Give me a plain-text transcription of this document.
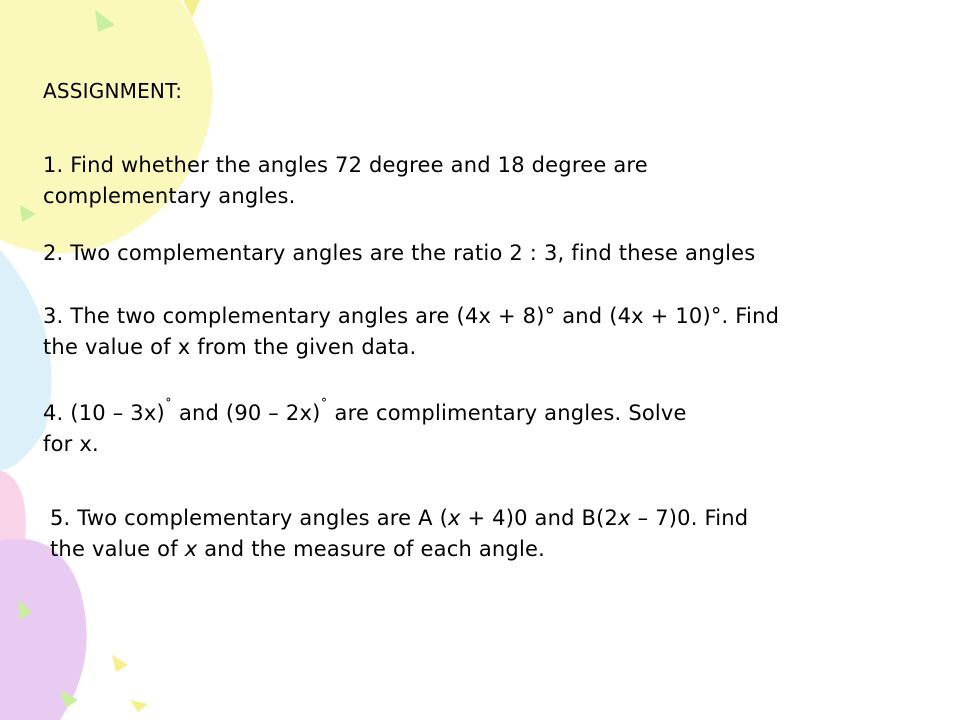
ASSIGNMENT:

1. Find whether the angles 72 degree and 18 degree are
complementary angles.

2. Two complementary angles are the ratio 2 : 3, find these angles

3. The two complementary angles are (4x + 8)° and (4x + 10)°. Find
the value of x from the given data.

4. (10 – 3x)˚ and (90 – 2x)˚ are complimentary angles. Solve
for x.

5. Two complementary angles are A (x + 4)0 and B(2x – 7)0. Find
the value of x and the measure of each angle.
